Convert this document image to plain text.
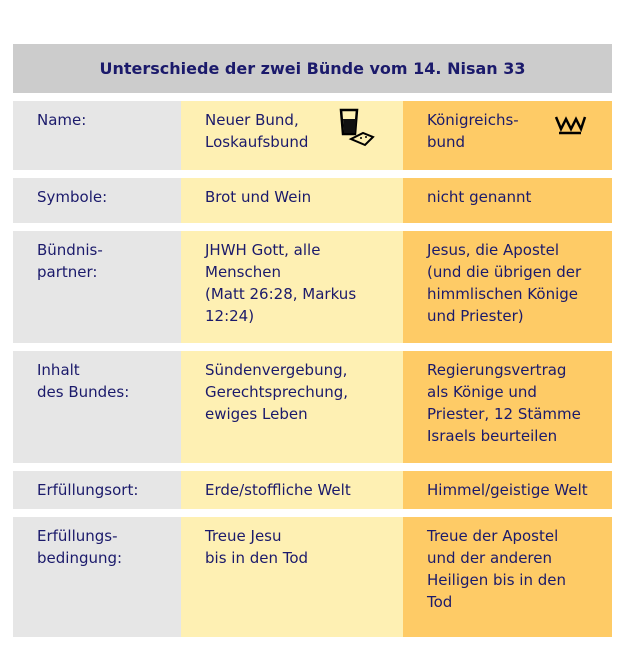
Unterschiede der zwei Bünde vom 14. Nisan 33
Name:	Neuer Bund,
Loskaufsbund

Königreichs-
bund

Symbole:	Brot und Wein	nicht genannt
Bündnis-
partner:
JHWH Gott, alle
Menschen
(Matt 26:28, Markus
12:24)
Jesus, die Apostel
(und die übrigen der
himmlischen Könige
und Priester)
Inhalt
des Bundes:
Sündenvergebung,
Gerechtsprechung,
ewiges Leben
Regierungsvertrag
als Könige und
Priester, 12 Stämme
Israels beurteilen
Erfüllungsort:	Erde/stoffliche Welt	Himmel/geistige Welt
Erfüllungs-
bedingung:
Treue Jesu
bis in den Tod
Treue der Apostel
und der anderen
Heiligen bis in den
Tod
